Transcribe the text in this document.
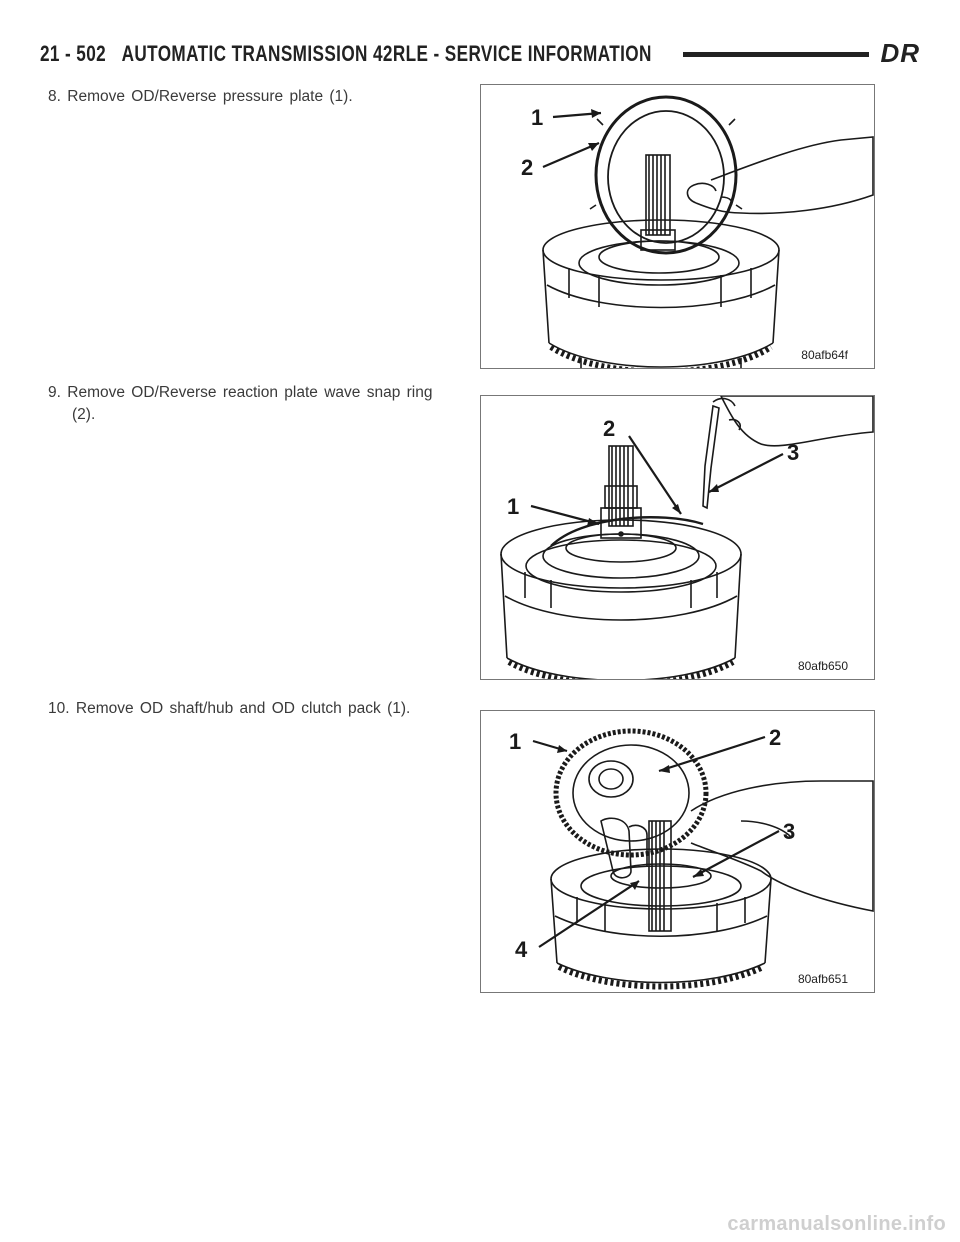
21 - 502 AUTOMATIC TRANSMISSION 42RLE - SERVICE INFORMATION	DR
8. Remove OD/Reverse pressure plate (1).
1
2
80afb64f
9. Remove OD/Reverse reaction plate wave snap ring
(2).
2
3
1
80afb650
10. Remove OD shaft/hub and OD clutch pack (1).
1	2
3
4
80afb651
carmanualsonline.info
